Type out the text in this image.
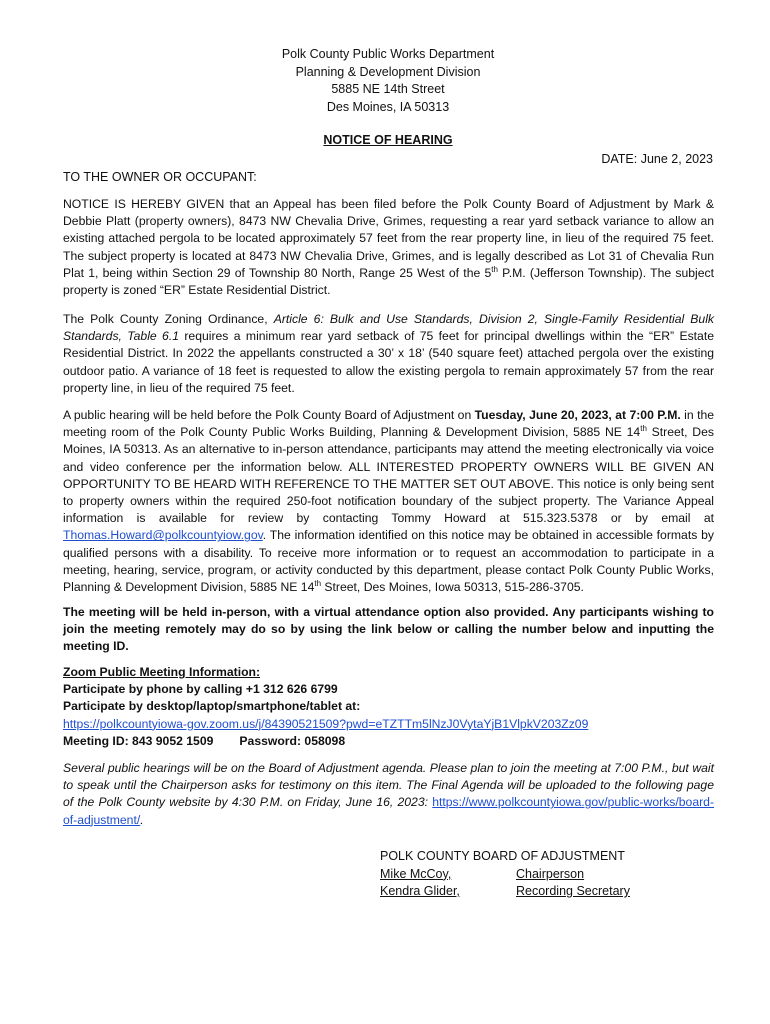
Polk County Public Works Department
Planning & Development Division
5885 NE 14th Street
Des Moines, IA 50313
NOTICE OF HEARING
DATE: June 2, 2023
TO THE OWNER OR OCCUPANT:
NOTICE IS HEREBY GIVEN that an Appeal has been filed before the Polk County Board of Adjustment by Mark & Debbie Platt (property owners), 8473 NW Chevalia Drive, Grimes, requesting a rear yard setback variance to allow an existing attached pergola to be located approximately 57 feet from the rear property line, in lieu of the required 75 feet. The subject property is located at 8473 NW Chevalia Drive, Grimes, and is legally described as Lot 31 of Chevalia Run Plat 1, being within Section 29 of Township 80 North, Range 25 West of the 5th P.M. (Jefferson Township). The subject property is zoned “ER” Estate Residential District.
The Polk County Zoning Ordinance, Article 6: Bulk and Use Standards, Division 2, Single-Family Residential Bulk Standards, Table 6.1 requires a minimum rear yard setback of 75 feet for principal dwellings within the “ER” Estate Residential District. In 2022 the appellants constructed a 30’ x 18’ (540 square feet) attached pergola over the existing outdoor patio. A variance of 18 feet is requested to allow the existing pergola to remain approximately 57 from the rear property line, in lieu of the required 75 feet.
A public hearing will be held before the Polk County Board of Adjustment on Tuesday, June 20, 2023, at 7:00 P.M. in the meeting room of the Polk County Public Works Building, Planning & Development Division, 5885 NE 14th Street, Des Moines, IA 50313. As an alternative to in-person attendance, participants may attend the meeting electronically via voice and video conference per the information below. ALL INTERESTED PROPERTY OWNERS WILL BE GIVEN AN OPPORTUNITY TO BE HEARD WITH REFERENCE TO THE MATTER SET OUT ABOVE. This notice is only being sent to property owners within the required 250-foot notification boundary of the subject property. The Variance Appeal information is available for review by contacting Tommy Howard at 515.323.5378 or by email at Thomas.Howard@polkcountyiow.gov. The information identified on this notice may be obtained in accessible formats by qualified persons with a disability. To receive more information or to request an accommodation to participate in a meeting, hearing, service, program, or activity conducted by this department, please contact Polk County Public Works, Planning & Development Division, 5885 NE 14th Street, Des Moines, Iowa 50313, 515-286-3705.
The meeting will be held in-person, with a virtual attendance option also provided. Any participants wishing to join the meeting remotely may do so by using the link below or calling the number below and inputting the meeting ID.
Zoom Public Meeting Information:
Participate by phone by calling +1 312 626 6799
Participate by desktop/laptop/smartphone/tablet at:
https://polkcountyiowa-gov.zoom.us/j/84390521509?pwd=eTZTTm5lNzJ0VytaYjB1VlpkV203Zz09
Meeting ID: 843 9052 1509 Password: 058098
Several public hearings will be on the Board of Adjustment agenda. Please plan to join the meeting at 7:00 P.M., but wait to speak until the Chairperson asks for testimony on this item. The Final Agenda will be uploaded to the following page of the Polk County website by 4:30 P.M. on Friday, June 16, 2023: https://www.polkcountyiowa.gov/public-works/board-of-adjustment/.
POLK COUNTY BOARD OF ADJUSTMENT
Mike McCoy,	Chairperson
Kendra Glider,	Recording Secretary
